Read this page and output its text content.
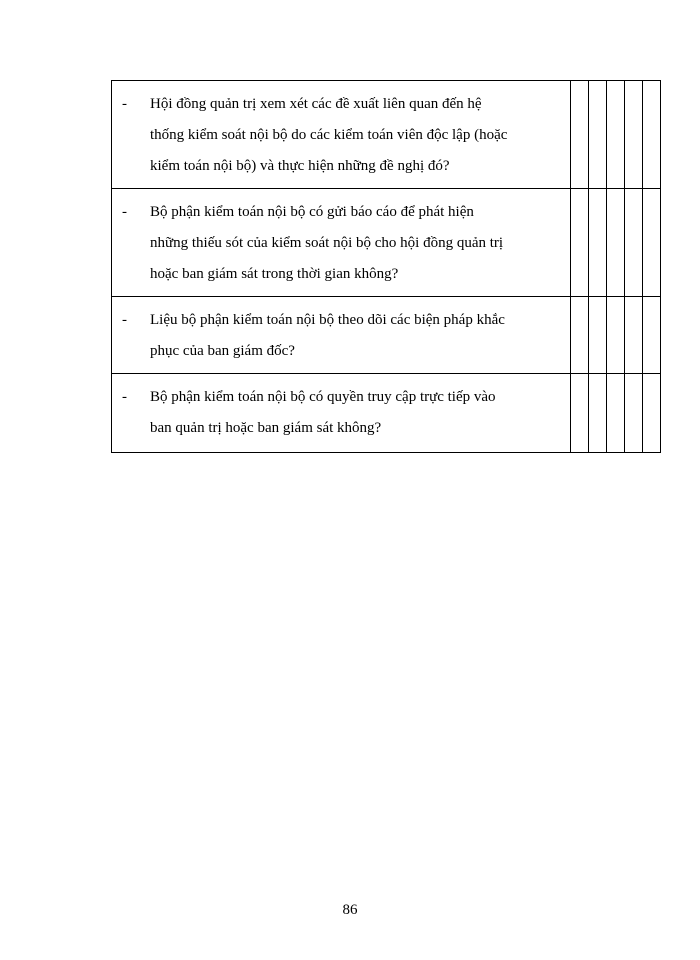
- Hội đồng quản trị xem xét các đề xuất liên quan đến hệ
thống kiểm soát nội bộ do các kiểm toán viên độc lập (hoặc
kiểm toán nội bộ) và thực hiện những đề nghị đó?					

- Bộ phận kiểm toán nội bộ có gửi báo cáo để phát hiện
những thiếu sót của kiểm soát nội bộ cho hội đồng quản trị
hoặc ban giám sát trong thời gian không?					

- Liệu bộ phận kiểm toán nội bộ theo dõi các biện pháp khắc
phục của ban giám đốc?					

- Bộ phận kiểm toán nội bộ có quyền truy cập trực tiếp vào
ban quản trị hoặc ban giám sát không?					

86
